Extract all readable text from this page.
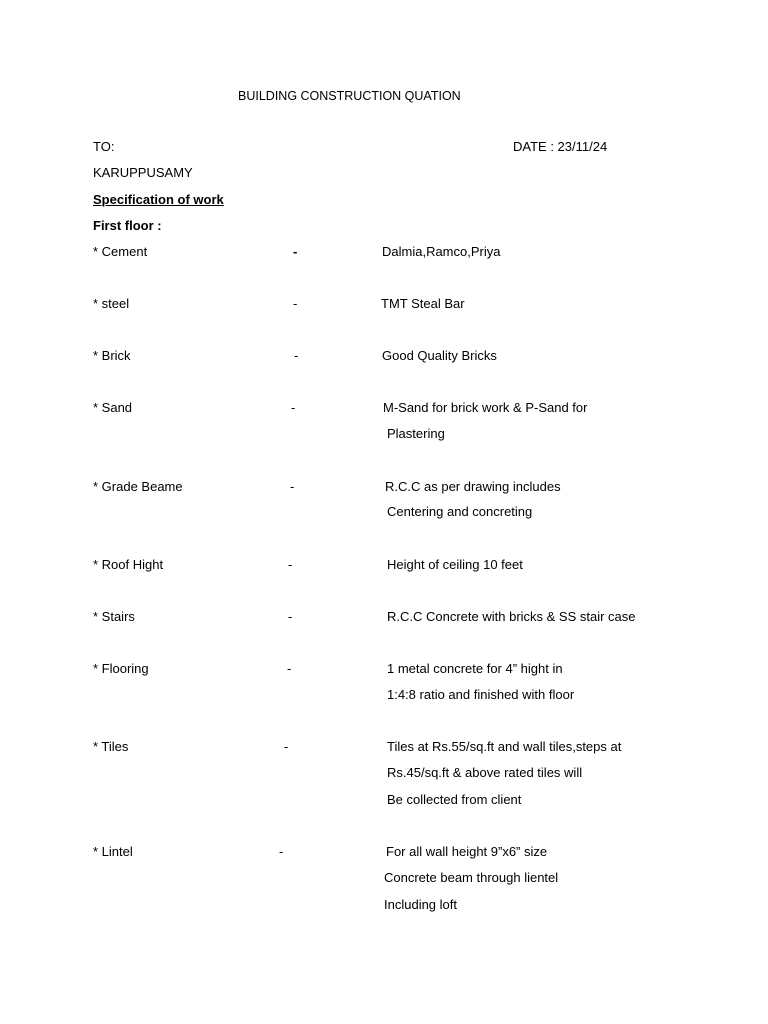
BUILDING CONSTRUCTION QUATION
TO:	DATE : 23/11/24
KARUPPUSAMY
Specification of work
First floor :
* Cement	-	Dalmia,Ramco,Priya
* steel	-	TMT Steal Bar
* Brick	-	Good Quality Bricks
* Sand	-	M-Sand for brick work & P-Sand for
Plastering
* Grade Beame	-	R.C.C as per drawing includes
Centering and concreting
* Roof Hight	-	Height of ceiling 10 feet
* Stairs	-	R.C.C Concrete with bricks & SS stair case
* Flooring	-	1 metal concrete for 4” hight in
1:4:8 ratio and finished with floor
* Tiles	-	Tiles at Rs.55/sq.ft and wall tiles,steps at
Rs.45/sq.ft & above rated tiles will
Be collected from client
* Lintel	-	For all wall height 9”x6” size
Concrete beam through lientel
Including loft
